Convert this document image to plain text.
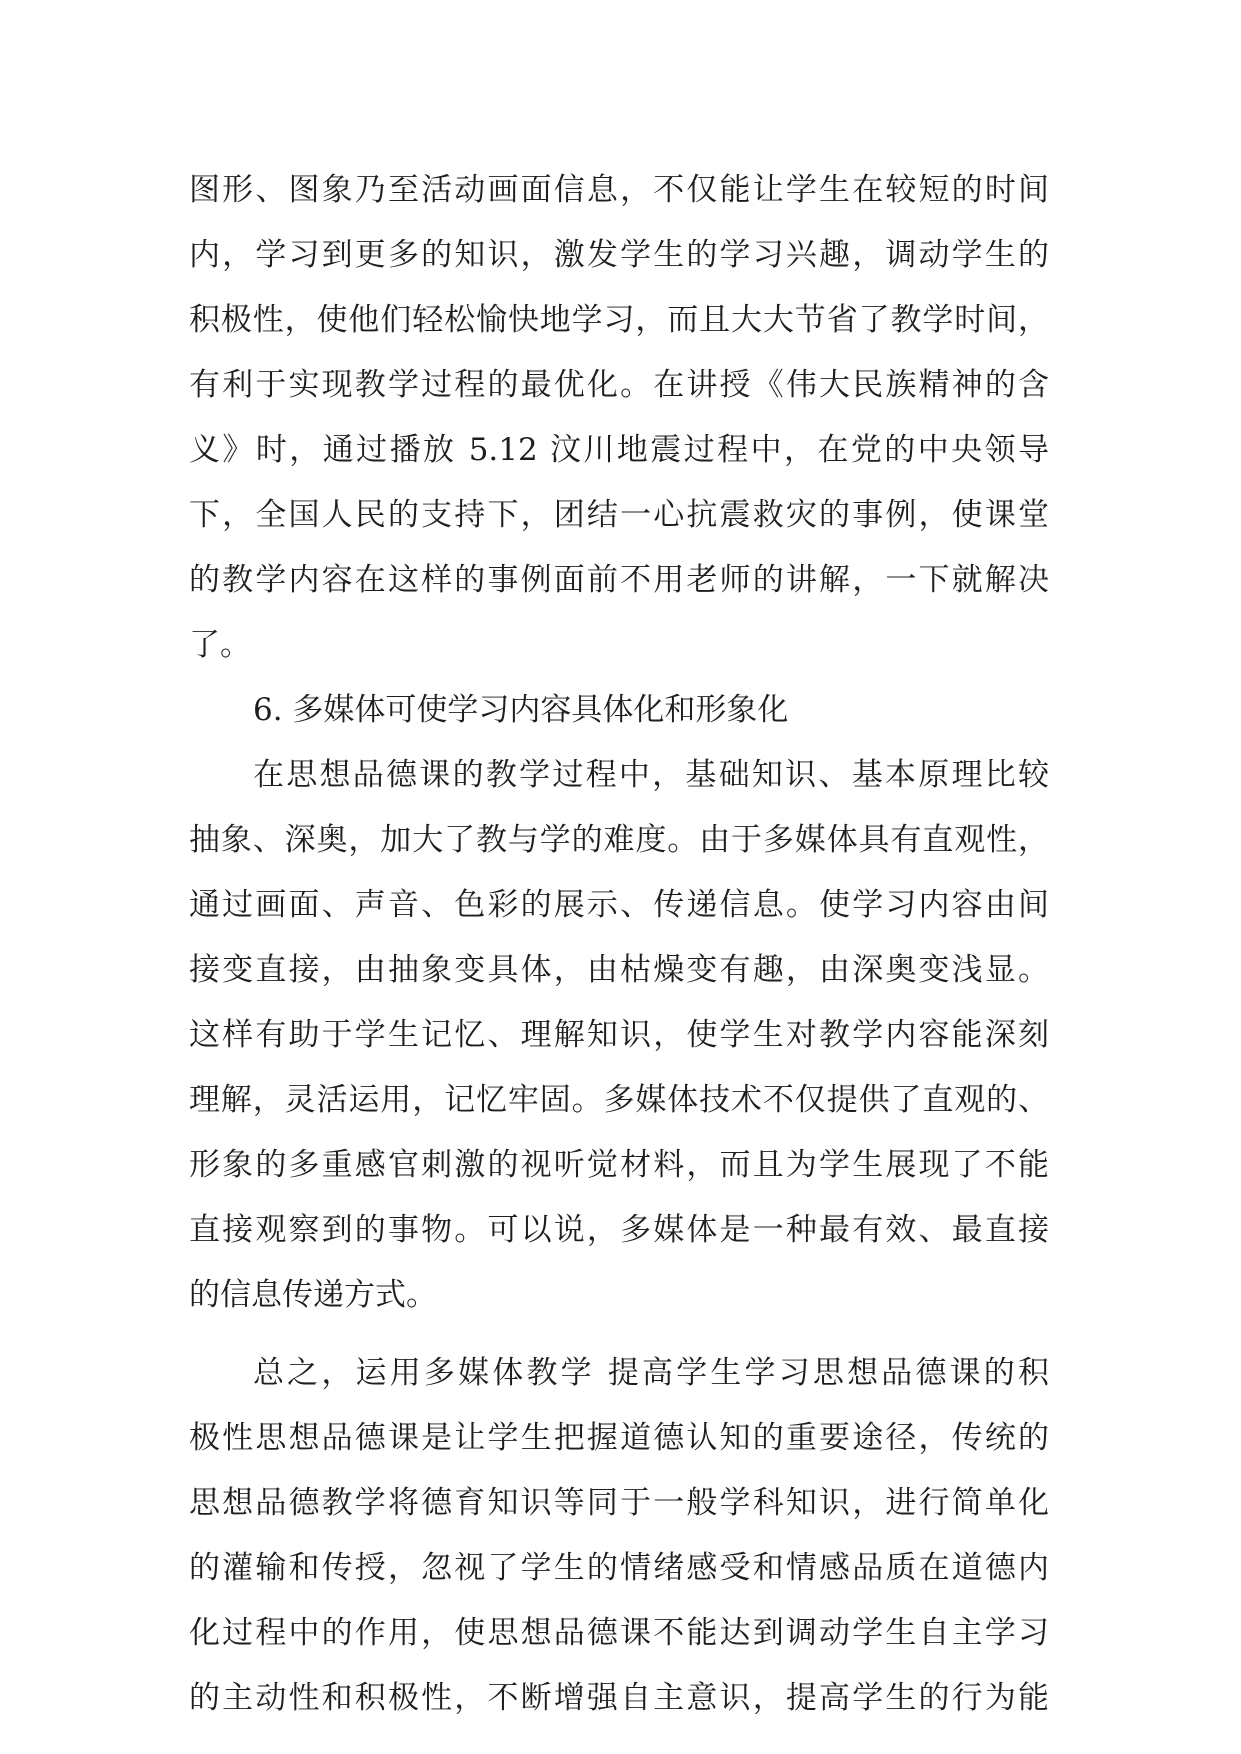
图形、图象乃至活动画面信息，不仅能让学生在较短的时间
内，学习到更多的知识，激发学生的学习兴趣，调动学生的
积极性，使他们轻松愉快地学习，而且大大节省了教学时间，
有利于实现教学过程的最优化。在讲授《伟大民族精神的含
义》时，通过播放 5.12 汶川地震过程中，在党的中央领导
下，全国人民的支持下，团结一心抗震救灾的事例，使课堂
的教学内容在这样的事例面前不用老师的讲解，一下就解决
了。
6. 多媒体可使学习内容具体化和形象化
在思想品德课的教学过程中，基础知识、基本原理比较
抽象、深奥，加大了教与学的难度。由于多媒体具有直观性，
通过画面、声音、色彩的展示、传递信息。使学习内容由间
接变直接，由抽象变具体，由枯燥变有趣，由深奥变浅显。
这样有助于学生记忆、理解知识，使学生对教学内容能深刻
理解，灵活运用，记忆牢固。多媒体技术不仅提供了直观的、
形象的多重感官刺激的视听觉材料，而且为学生展现了不能
直接观察到的事物。可以说，多媒体是一种最有效、最直接
的信息传递方式。
总之，运用多媒体教学 提高学生学习思想品德课的积
极性思想品德课是让学生把握道德认知的重要途径，传统的
思想品德教学将德育知识等同于一般学科知识，进行简单化
的灌输和传授，忽视了学生的情绪感受和情感品质在道德内
化过程中的作用，使思想品德课不能达到调动学生自主学习
的主动性和积极性，不断增强自主意识，提高学生的行为能
